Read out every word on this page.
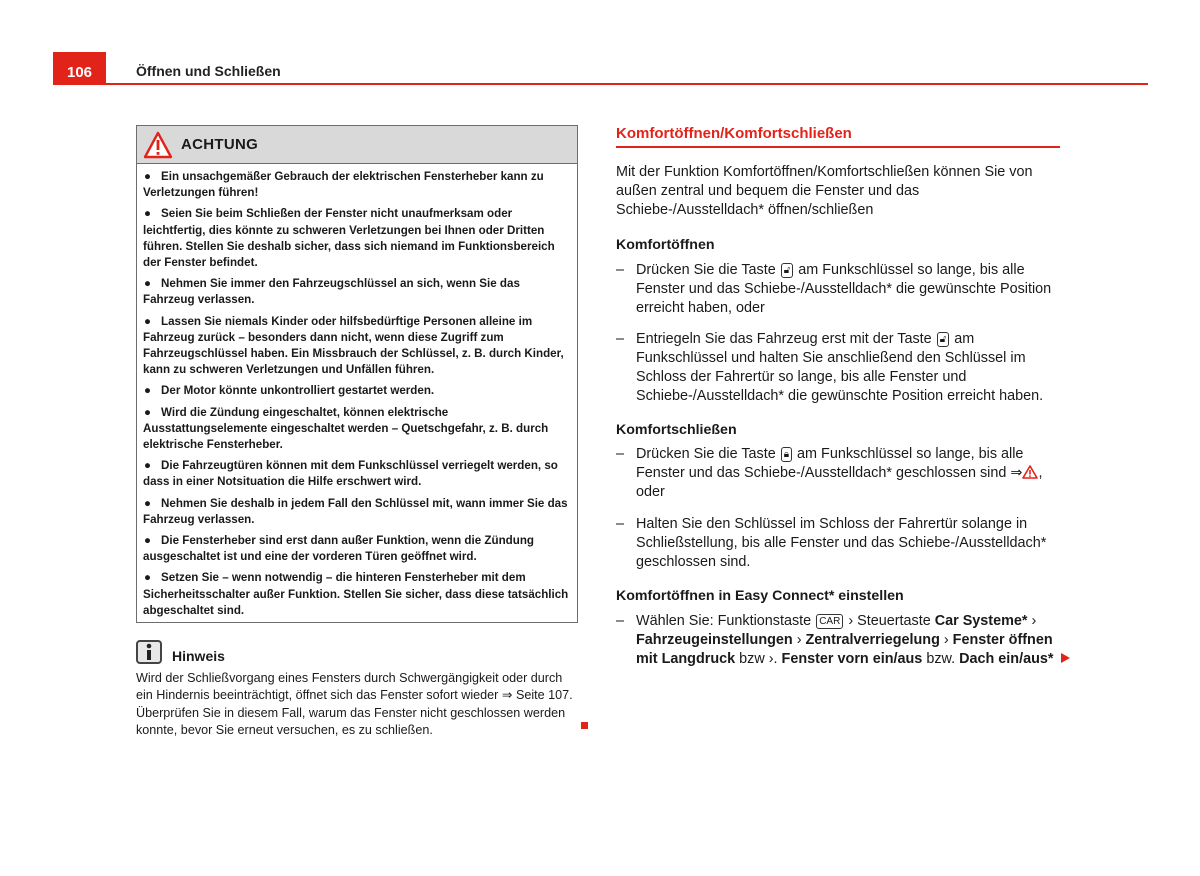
106	Öffnen und Schließen
ACHTUNG
● Ein unsachgemäßer Gebrauch der elektrischen Fensterheber kann zu Verletzungen führen!
● Seien Sie beim Schließen der Fenster nicht unaufmerksam oder leichtfertig, dies könnte zu schweren Verletzungen bei Ihnen oder Dritten führen. Stellen Sie deshalb sicher, dass sich niemand im Funktionsbereich der Fenster befindet.
● Nehmen Sie immer den Fahrzeugschlüssel an sich, wenn Sie das Fahrzeug verlassen.
● Lassen Sie niemals Kinder oder hilfsbedürftige Personen alleine im Fahrzeug zurück – besonders dann nicht, wenn diese Zugriff zum Fahrzeugschlüssel haben. Ein Missbrauch der Schlüssel, z. B. durch Kinder, kann zu schweren Verletzungen und Unfällen führen.
● Der Motor könnte unkontrolliert gestartet werden.
● Wird die Zündung eingeschaltet, können elektrische Ausstattungselemente eingeschaltet werden – Quetschgefahr, z. B. durch elektrische Fensterheber.
● Die Fahrzeugtüren können mit dem Funkschlüssel verriegelt werden, so dass in einer Notsituation die Hilfe erschwert wird.
● Nehmen Sie deshalb in jedem Fall den Schlüssel mit, wann immer Sie das Fahrzeug verlassen.
● Die Fensterheber sind erst dann außer Funktion, wenn die Zündung ausgeschaltet ist und eine der vorderen Türen geöffnet wird.
● Setzen Sie – wenn notwendig – die hinteren Fensterheber mit dem Sicherheitsschalter außer Funktion. Stellen Sie sicher, dass diese tatsächlich abgeschaltet sind.
Hinweis
Wird der Schließvorgang eines Fensters durch Schwergängigkeit oder durch ein Hindernis beeinträchtigt, öffnet sich das Fenster sofort wieder ⇒ Seite 107. Überprüfen Sie in diesem Fall, warum das Fenster nicht geschlossen werden konnte, bevor Sie erneut versuchen, es zu schließen.
Komfortöffnen/Komfortschließen
Mit der Funktion Komfortöffnen/Komfortschließen können Sie von außen zentral und bequem die Fenster und das Schiebe-/Ausstelldach* öffnen/schließen
Komfortöffnen
– Drücken Sie die Taste 🔓︎ am Funkschlüssel so lange, bis alle Fenster und das Schiebe-/Ausstelldach* die gewünschte Position erreicht haben, oder
– Entriegeln Sie das Fahrzeug erst mit der Taste 🔓︎ am Funkschlüssel und halten Sie anschließend den Schlüssel im Schloss der Fahrertür so lange, bis alle Fenster und Schiebe-/Ausstelldach* die gewünschte Position erreicht haben.
Komfortschließen
– Drücken Sie die Taste 🔒︎ am Funkschlüssel so lange, bis alle Fenster und das Schiebe-/Ausstelldach* geschlossen sind ⇒ , oder
– Halten Sie den Schlüssel im Schloss der Fahrertür solange in Schließstellung, bis alle Fenster und das Schiebe-/Ausstelldach* geschlossen sind.
Komfortöffnen in Easy Connect* einstellen
– Wählen Sie: Funktionstaste CAR › Steuertaste Car Systeme* › Fahrzeugeinstellungen › Zentralverriegelung › Fenster öffnen mit Langdruck bzw ›. Fenster vorn ein/aus bzw. Dach ein/aus*
